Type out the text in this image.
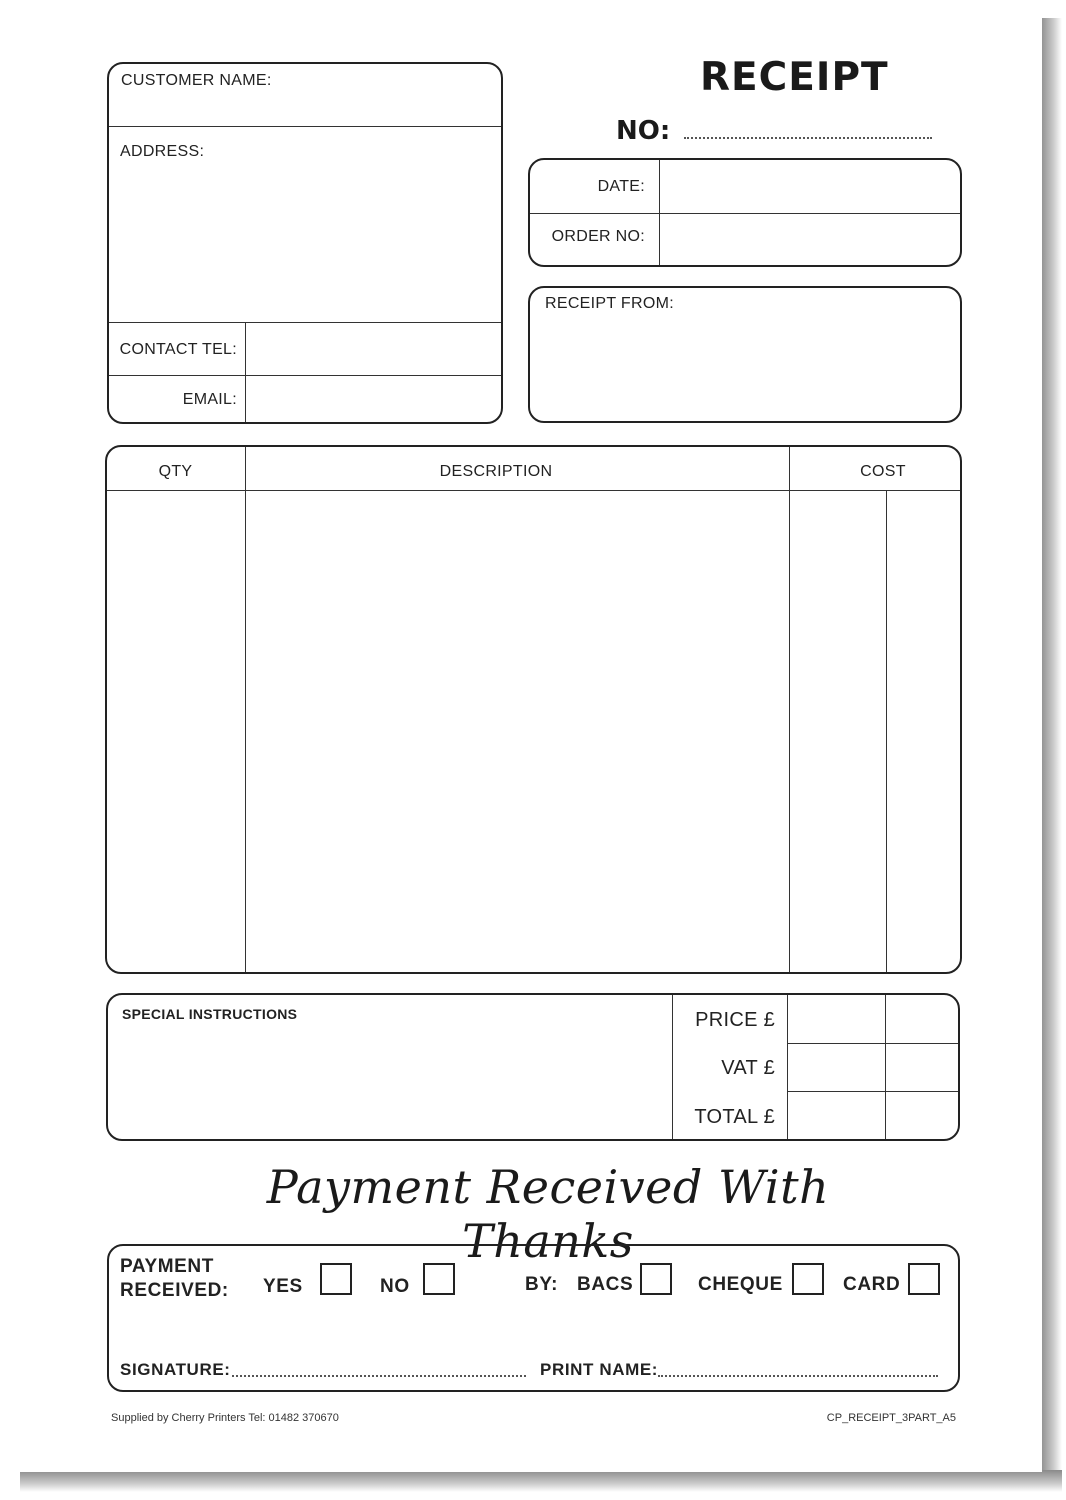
RECEIPT
NO:
CUSTOMER NAME:
ADDRESS:
CONTACT TEL:
EMAIL:
DATE:
ORDER NO:
RECEIPT FROM:
QTY	DESCRIPTION	COST
SPECIAL INSTRUCTIONS	PRICE £
VAT £
TOTAL £
Payment Received With Thanks
PAYMENT
RECEIVED: YES	NO	BY: BACS	CHEQUE	CARD
SIGNATURE:	PRINT NAME:
Supplied by Cherry Printers Tel: 01482 370670	CP_RECEIPT_3PART_A5
